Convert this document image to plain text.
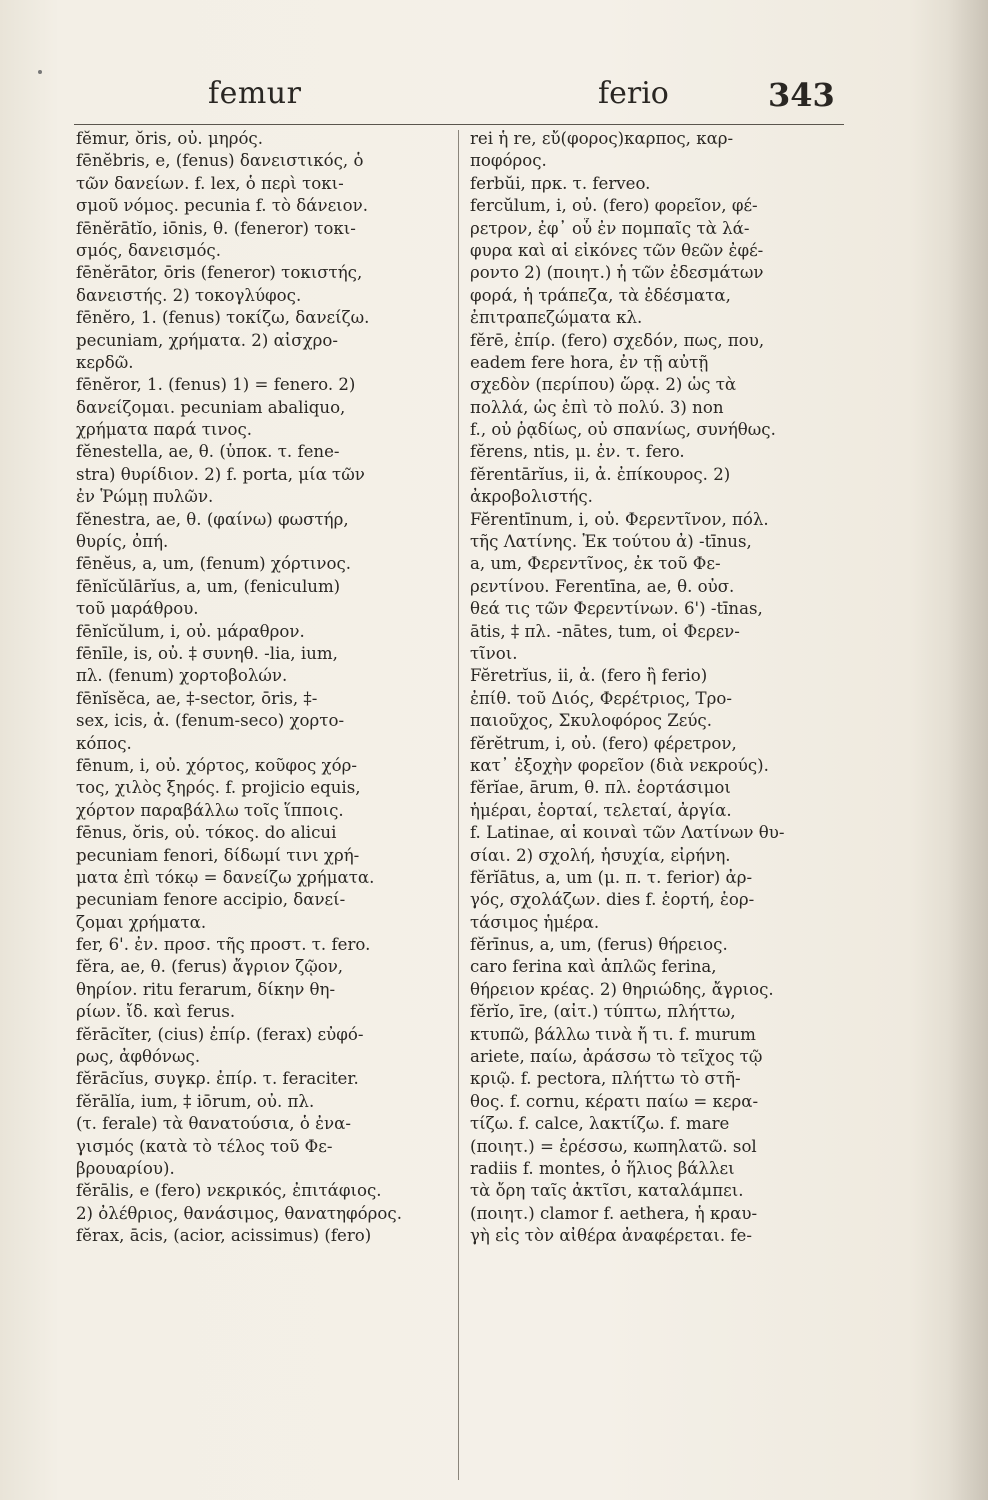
femur	ferio	343
fĕmur, ŏris, οὐ. μηρός.
fēnĕbris, e, (fenus) δανειστικός, ὁ
τῶν δανείων. f. lex, ὁ περὶ τοκι-
σμοῦ νόμος. pecunia f. τὸ δάνειον.
fēnĕrātĭo, iōnis, θ. (feneror) τοκι-
σμός, δανεισμός.
fēnĕrātor, ōris (feneror) τοκιστής,
δανειστής. 2) τοκογλύφος.
fēnĕro, 1. (fenus) τοκίζω, δανείζω.
pecuniam, χρήματα. 2) αἰσχρο-
κερδῶ.
fēnĕror, 1. (fenus) 1) = fenero. 2)
δανείζομαι. pecuniam abaliquo,
χρήματα παρά τινος.
fĕnestella, ae, θ. (ὑποκ. τ. fene-
stra) θυρίδιον. 2) f. porta, μία τῶν
ἐν Ῥώμῃ πυλῶν.
fĕnestra, ae, θ. (φαίνω) φωστήρ,
θυρίς, ὀπή.
fēnĕus, a, um, (fenum) χόρτινος.
fēnĭcŭlārĭus, a, um, (feniculum)
τοῦ μαράθρου.
fēnĭcŭlum, i, οὐ. μάραθρον.
fēnīle, is, οὐ. ‡ συνηθ. -lia, ium,
πλ. (fenum) χορτοβολών.
fēnĭsĕca, ae, ‡-sector, ōris, ‡-
sex, icis, ἀ. (fenum-seco) χορτο-
κόπος.
fēnum, i, οὐ. χόρτος, κοῦφος χόρ-
τος, χιλὸς ξηρός. f. projicio equis,
χόρτον παραβάλλω τοῖς ἵπποις.
fēnus, ŏris, οὐ. τόκος. do alicui
pecuniam fenori, δίδωμί τινι χρή-
ματα ἐπὶ τόκῳ = δανείζω χρήματα.
pecuniam fenore accipio, δανεί-
ζομαι χρήματα.
fer, 6'. ἐν. προσ. τῆς προστ. τ. fero.
fĕra, ae, θ. (ferus) ἄγριον ζῷον,
θηρίον. ritu ferarum, δίκην θη-
ρίων. ἴδ. καὶ ferus.
fĕrācĭter, (cius) ἐπίρ. (ferax) εὐφό-
ρως, ἀφθόνως.
fĕrācĭus, συγκρ. ἐπίρ. τ. feraciter.
fĕrālĭa, ium, ‡ iōrum, οὐ. πλ.
(τ. ferale) τὰ θανατούσια, ὁ ἐνα-
γισμός (κατὰ τὸ τέλος τοῦ Φε-
βρουαρίου).
fĕrālis, e (fero) νεκρικός, ἐπιτάφιος.
2) ὀλέθριος, θανάσιμος, θανατηφόρος.
fĕrax, ācis, (acior, acissimus) (fero)
rei ἡ re, εὔ(φορος)καρπος, καρ-
ποφόρος.
ferbŭi, πρκ. τ. ferveo.
fercŭlum, i, οὐ. (fero) φορεῖον, φέ-
ρετρον, ἐφ᾽ οὗ ἐν πομπαῖς τὰ λά-
φυρα καὶ αἱ εἰκόνες τῶν θεῶν ἐφέ-
ροντο 2) (ποιητ.) ἡ τῶν ἐδεσμάτων
φορά, ἡ τράπεζα, τὰ ἐδέσματα,
ἐπιτραπεζώματα κλ.
fĕrē, ἐπίρ. (fero) σχεδόν, πως, που,
eadem fere hora, ἐν τῇ αὐτῇ
σχεδὸν (περίπου) ὥρᾳ. 2) ὡς τὰ
πολλά, ὡς ἐπὶ τὸ πολύ. 3) non
f., οὐ ῥᾳδίως, οὐ σπανίως, συνήθως.
fĕrens, ntis, μ. ἐν. τ. fero.
fĕrentārĭus, ii, ἀ. ἐπίκουρος. 2)
ἀκροβολιστής.
Fĕrentīnum, i, οὐ. Φερεντῖνον, πόλ.
τῆς Λατίνης. Ἐκ τούτου ἀ) -tīnus,
a, um, Φερεντῖνος, ἐκ τοῦ Φε-
ρεντίνου. Ferentīna, ae, θ. οὐσ.
θεά τις τῶν Φερεντίνων. 6') -tīnas,
ātis, ‡ πλ. -nātes, tum, οἱ Φερεν-
τῖνοι.
Fĕretrĭus, ii, ἀ. (fero ἢ ferio)
ἐπίθ. τοῦ Διός, Φερέτριος, Τρο-
παιοῦχος, Σκυλοφόρος Ζεύς.
fĕrĕtrum, i, οὐ. (fero) φέρετρον,
κατ᾽ ἐξοχὴν φορεῖον (διὰ νεκρούς).
fĕrĭae, ārum, θ. πλ. ἑορτάσιμοι
ἡμέραι, ἑορταί, τελεταί, ἀργία.
f. Latinae, αἱ κοιναὶ τῶν Λατίνων θυ-
σίαι. 2) σχολή, ἡσυχία, εἰρήνη.
fĕrĭātus, a, um (μ. π. τ. ferior) ἀρ-
γός, σχολάζων. dies f. ἑορτή, ἑορ-
τάσιμος ἡμέρα.
fĕrīnus, a, um, (ferus) θήρειος.
caro ferina καὶ ἁπλῶς ferina,
θήρειον κρέας. 2) θηριώδης, ἄγριος.
fĕrĭo, īre, (αἰτ.) τύπτω, πλήττω,
κτυπῶ, βάλλω τινὰ ἤ τι. f. murum
ariete, παίω, ἀράσσω τὸ τεῖχος τῷ
κριῷ. f. pectora, πλήττω τὸ στῆ-
θος. f. cornu, κέρατι παίω = κερα-
τίζω. f. calce, λακτίζω. f. mare
(ποιητ.) = ἐρέσσω, κωπηλατῶ. sol
radiis f. montes, ὁ ἥλιος βάλλει
τὰ ὄρη ταῖς ἀκτῖσι, καταλάμπει.
(ποιητ.) clamor f. aethera, ἡ κραυ-
γὴ εἰς τὸν αἰθέρα ἀναφέρεται. fe-
